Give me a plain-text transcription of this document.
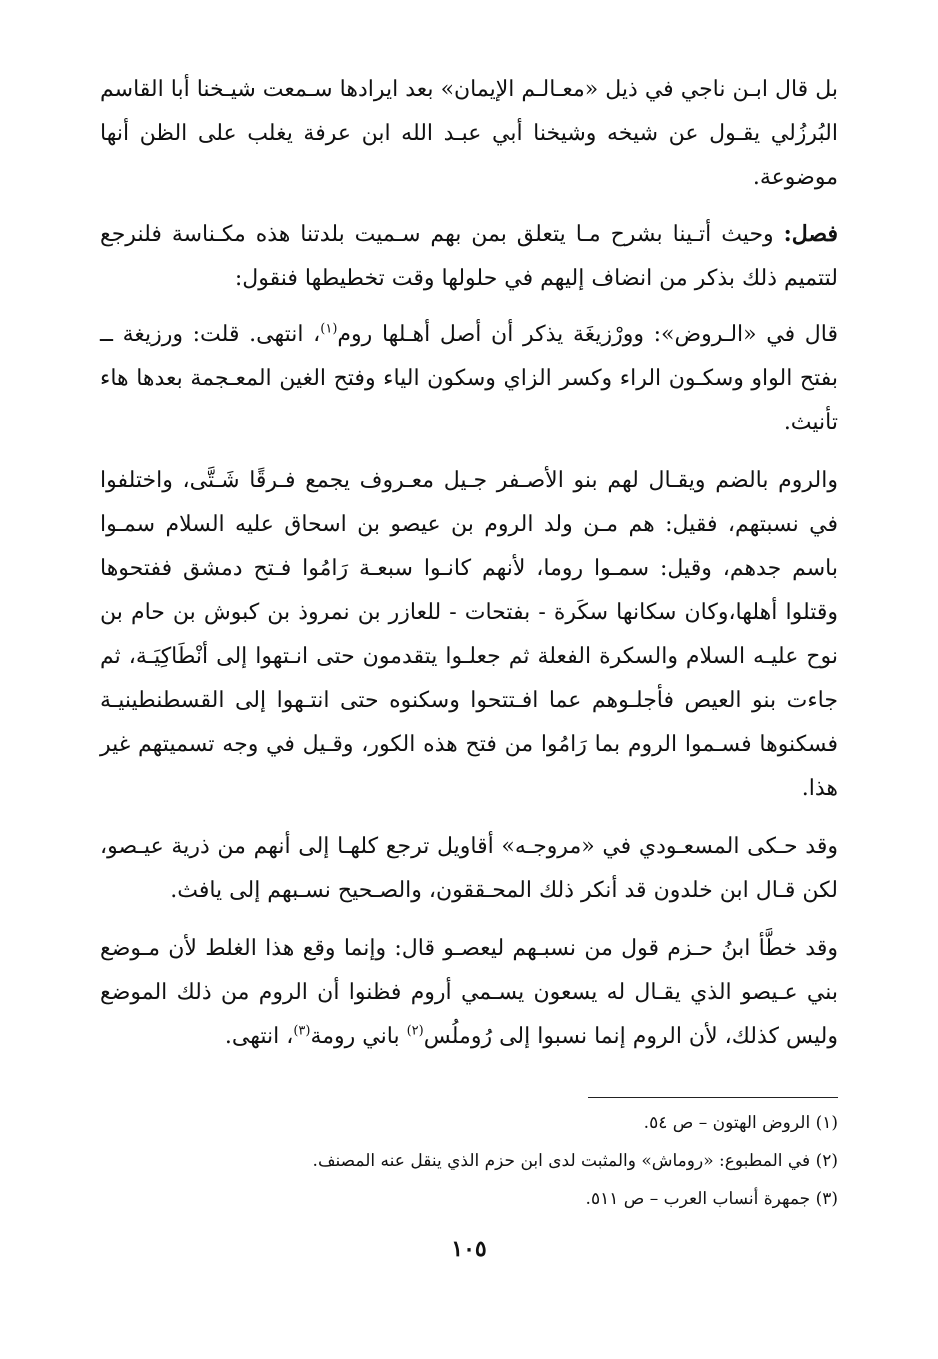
بل قال ابـن ناجي في ذيل «معـالـم الإيمان» بعد ايرادها سـمعت شيـخنا أبا القاسم البُرزُلي يقـول عن شيخه وشيخنا أبي عبـد الله ابن عرفة يغلب على الظن أنها موضوعة.

فصل: وحيث أتـينا بشرح مـا يتعلق بمن بهم سـميت بلدتنا هذه مكـناسة فلنرجع لتتميم ذلك بذكر من انضاف إليهم في حلولها وقت تخطيطها فنقول:

قال في «الـروض»: وورْزيغَة يذكر أن أصل أهـلها روم$^{(١)}$، انتهى. قلت: ورزيغة ــ بفتح الواو وسكـون الراء وكسر الزاي وسكون الياء وفتح الغين المعـجمة بعدها هاء تأنيث.

والروم بالضم ويقـال لهم بنو الأصـفر جـيل معـروف يجمع فـرقًا شَـتَّى، واختلفوا في نسبتهم، فقيل: هم مـن ولد الروم بن عيصو بن اسحاق عليه السلام سمـوا باسم جدهم، وقيل: سمـوا روما، لأنهم كانـوا سبعـة رَامُوا فـتح دمشق ففتحوها وقتلوا أهلها،وكان سكانها سكَرة - بفتحات - للعازر بن نمروذ بن كبوش بن حام بن نوح عليـه السلام والسكرة الفعلة ثم جعلـوا يتقدمون حتى انـتهوا إلى أنْطَاكِيَـة، ثم جاءت بنو العيص فأجلـوهم عما افـتتحوا وسكنوه حتى انتـهوا إلى القسطنطينيـة فسكنوها فسـموا الروم بما رَامُوا من فتح هذه الكور، وقـيل في وجه تسميتهم غير هذا.

وقد حـكى المسعـودي في «مروجـه» أقاويل ترجع كلهـا إلى أنهم من ذرية عيـصو، لكن قـال ابن خلدون قد أنكر ذلك المحـققون، والصـحيح نسـبهم إلى يافث.

وقد خطَّأ ابنُ حـزم قول من نسبـهم ليعصـو قال: وإنما وقع هذا الغلط لأن مـوضع بني عـيصو الذي يقـال له يسعون يسـمي أروم فظنوا أن الروم من ذلك الموضع وليس كذلك، لأن الروم إنما نسبوا إلى رُوملُس$^{(٢)}$ باني رومة$^{(٣)}$، انتهى.

(١) الروض الهتون – ص ٥٤.

(٢) في المطبوع: «روماش» والمثبت لدى ابن حزم الذي ينقل عنه المصنف.

(٣) جمهرة أنساب العرب – ص ٥١١.

١٠٥
